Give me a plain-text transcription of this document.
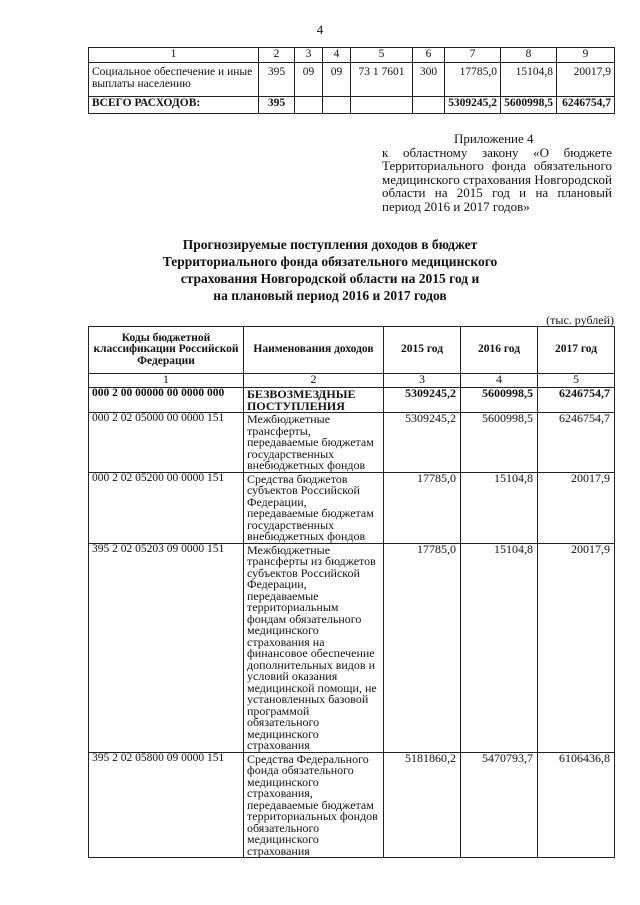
4
1	2	3	4	5	6	7	8	9
Социальное обеспечение и иные выплаты населению	395	09	09	73 1 7601	300	17785,0	15104,8	20017,9
ВСЕГО РАСХОДОВ:	395					5309245,2	5600998,5	6246754,7
Приложение 4
к областному закону «О бюджете Территориального фонда обязательного медицинского страхования Новгородской области на 2015 год и на плановый период 2016 и 2017 годов»
Прогнозируемые поступления доходов в бюджет
Территориального фонда обязательного медицинского
страхования Новгородской области на 2015 год и
на плановый период 2016 и 2017 годов
(тыс. рублей)
Коды бюджетной классификации Российской Федерации	Наименования доходов	2015 год	2016 год	2017 год
1	2	3	4	5
000 2 00 00000 00 0000 000	БЕЗВОЗМЕЗДНЫЕ ПОСТУПЛЕНИЯ	5309245,2	5600998,5	6246754,7
000 2 02 05000 00 0000 151	Межбюджетные трансферты, передаваемые бюджетам государственных внебюджетных фондов	5309245,2	5600998,5	6246754,7
000 2 02 05200 00 0000 151	Средства бюджетов субъектов Российской Федерации, передаваемые бюджетам государственных внебюджетных фондов	17785,0	15104,8	20017,9
395 2 02 05203 09 0000 151	Межбюджетные трансферты из бюджетов субъектов Российской Федерации, передаваемые территориальным фондам обязательного медицинского страхования на финансовое обеспечение дополнительных видов и условий оказания медицинской помощи, не установленных базовой программой обязательного медицинского страхования	17785,0	15104,8	20017,9
395 2 02 05800 09 0000 151	Средства Федерального фонда обязательного медицинского страхования, передаваемые бюджетам территориальных фондов обязательного медицинского страхования	5181860,2	5470793,7	6106436,8
